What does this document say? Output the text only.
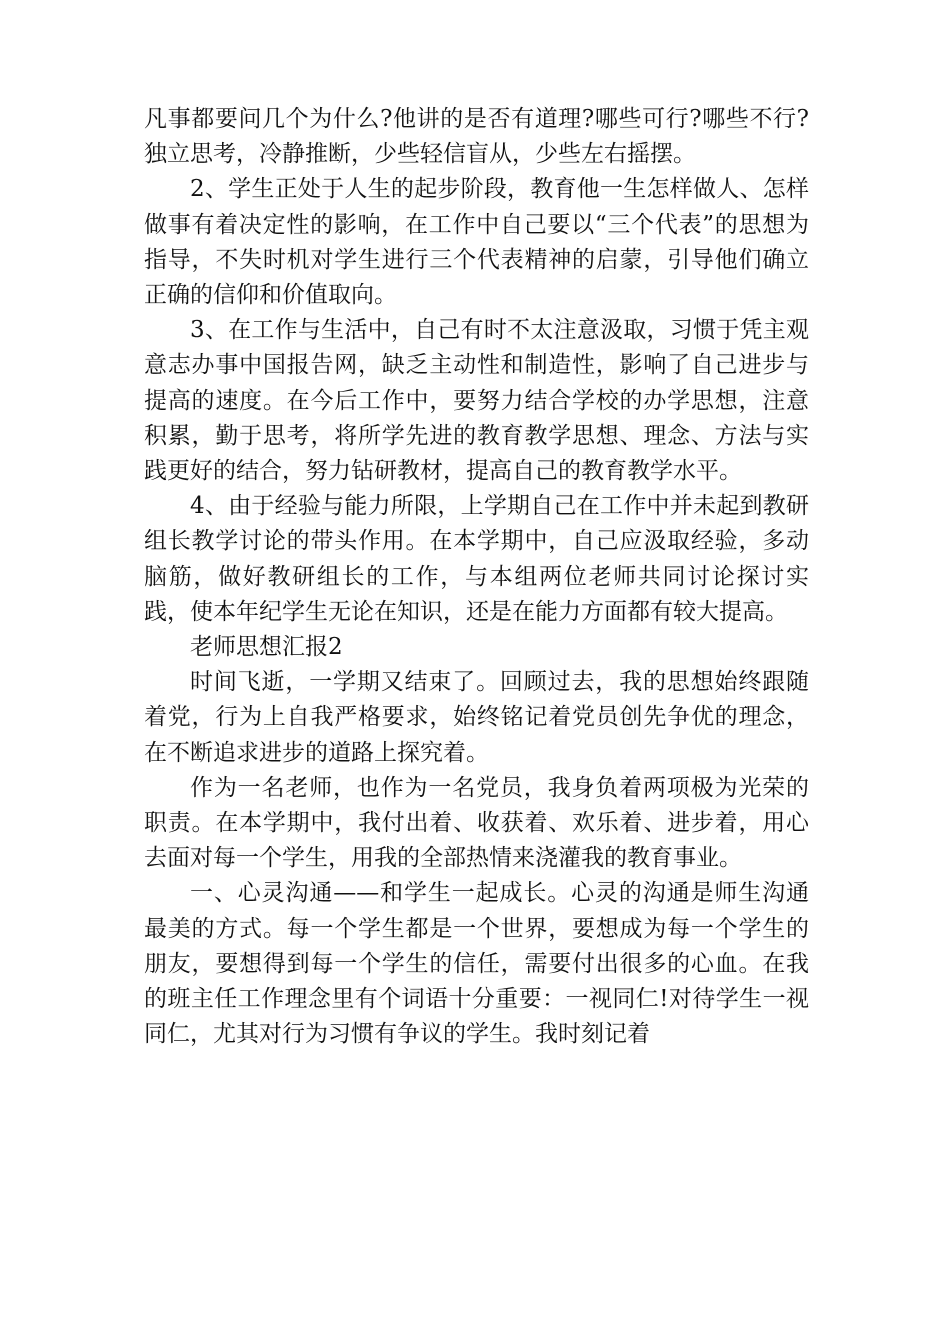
凡事都要问几个为什么?他讲的是否有道理?哪些可行?哪些不行?独立思考，冷静推断，少些轻信盲从，少些左右摇摆。

2、学生正处于人生的起步阶段，教育他一生怎样做人、怎样做事有着决定性的影响，在工作中自己要以“三个代表”的思想为指导，不失时机对学生进行三个代表精神的启蒙，引导他们确立正确的信仰和价值取向。

3、在工作与生活中，自己有时不太注意汲取，习惯于凭主观意志办事中国报告网，缺乏主动性和制造性，影响了自己进步与提高的速度。在今后工作中，要努力结合学校的办学思想，注意积累，勤于思考，将所学先进的教育教学思想、理念、方法与实践更好的结合，努力钻研教材，提高自己的教育教学水平。

4、由于经验与能力所限，上学期自己在工作中并未起到教研组长教学讨论的带头作用。在本学期中，自己应汲取经验，多动脑筋，做好教研组长的工作，与本组两位老师共同讨论探讨实践，使本年纪学生无论在知识，还是在能力方面都有较大提高。

老师思想汇报2

时间飞逝，一学期又结束了。回顾过去，我的思想始终跟随着党，行为上自我严格要求，始终铭记着党员创先争优的理念，在不断追求进步的道路上探究着。

作为一名老师，也作为一名党员，我身负着两项极为光荣的职责。在本学期中，我付出着、收获着、欢乐着、进步着，用心去面对每一个学生，用我的全部热情来浇灌我的教育事业。

一、心灵沟通——和学生一起成长。心灵的沟通是师生沟通最美的方式。每一个学生都是一个世界，要想成为每一个学生的朋友，要想得到每一个学生的信任，需要付出很多的心血。在我的班主任工作理念里有个词语十分重要：一视同仁!对待学生一视同仁，尤其对行为习惯有争议的学生。我时刻记着
